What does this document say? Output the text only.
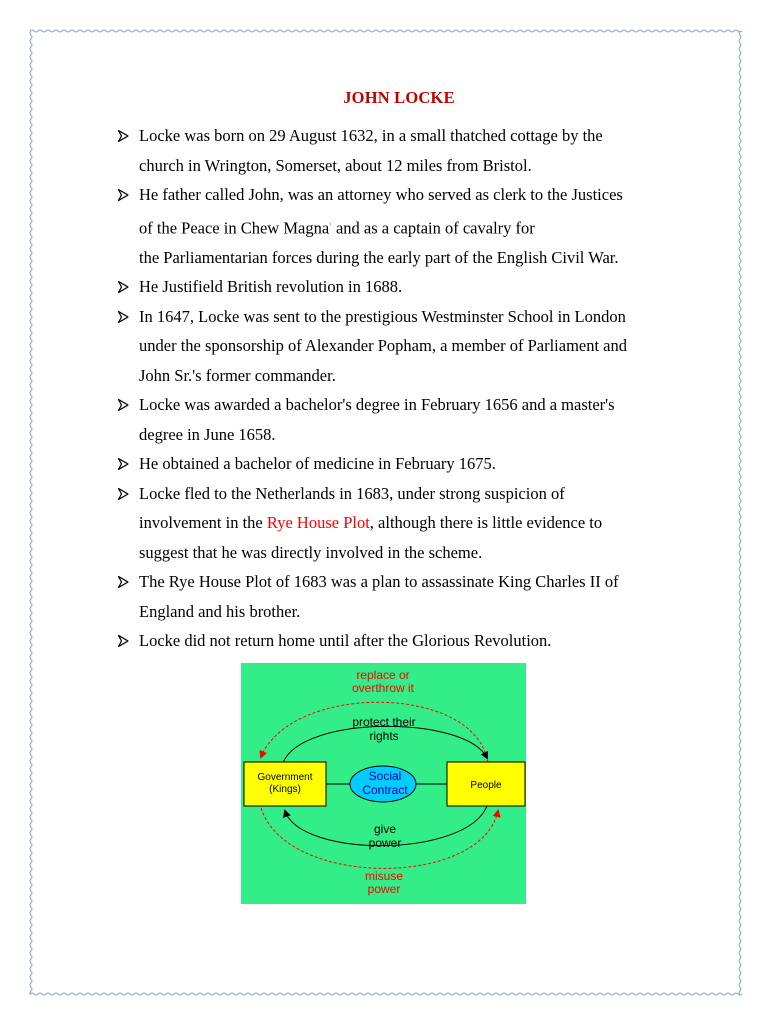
JOHN LOCKE
Locke was born on 29 August 1632, in a small thatched cottage by the
church in Wrington, Somerset, about 12 miles from Bristol.
He father called John, was an attorney who served as clerk to the Justices
of the Peace in Chew Magna· and as a captain of cavalry for
the Parliamentarian forces during the early part of the English Civil War.
He Justifield British revolution in 1688.
In 1647, Locke was sent to the prestigious Westminster School in London
under the sponsorship of Alexander Popham, a member of Parliament and
John Sr.'s former commander.
Locke was awarded a bachelor's degree in February 1656 and a master's
degree in June 1658.
He obtained a bachelor of medicine in February 1675.
Locke fled to the Netherlands in 1683, under strong suspicion of
involvement in the Rye House Plot, although there is little evidence to
suggest that he was directly involved in the scheme.
The Rye House Plot of 1683 was a plan to assassinate King Charles II of
England and his brother.
Locke did not return home until after the Glorious Revolution.
Government (Kings)	People
Social Contract
replace or overthrow it
protect their rights
give power
misuse power
